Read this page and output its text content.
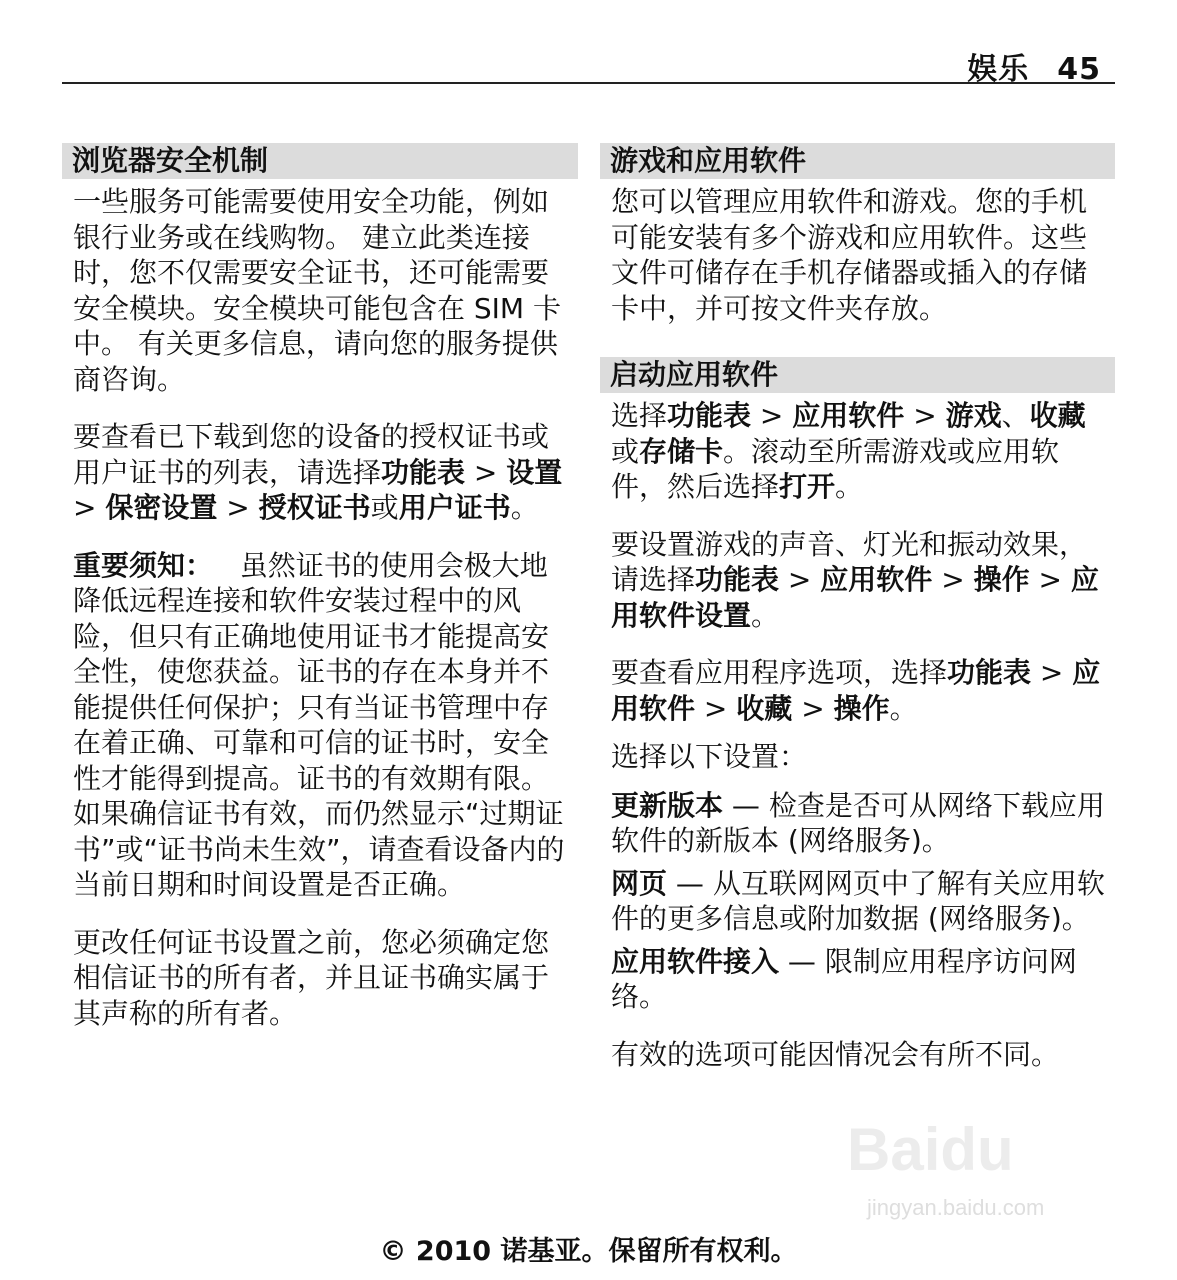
娱乐 45
浏览器安全机制

一些服务可能需要使用安全功能，例如银行业务或在线购物。 建立此类连接时，您不仅需要安全证书，还可能需要安全模块。安全模块可能包含在 SIM 卡中。 有关更多信息，请向您的服务提供商咨询。

要查看已下载到您的设备的授权证书或用户证书的列表，请选择功能表 > 设置 > 保密设置 > 授权证书或用户证书。

重要须知： 虽然证书的使用会极大地降低远程连接和软件安装过程中的风险，但只有正确地使用证书才能提高安全性，使您获益。证书的存在本身并不能提供任何保护；只有当证书管理中存在着正确、可靠和可信的证书时，安全性才能得到提高。证书的有效期有限。如果确信证书有效，而仍然显示“过期证书”或“证书尚未生效”，请查看设备内的当前日期和时间设置是否正确。

更改任何证书设置之前，您必须确定您相信证书的所有者，并且证书确实属于其声称的所有者。

游戏和应用软件

您可以管理应用软件和游戏。您的手机可能安装有多个游戏和应用软件。这些文件可储存在手机存储器或插入的存储卡中，并可按文件夹存放。

启动应用软件

选择功能表 > 应用软件 > 游戏、收藏或存储卡。滚动至所需游戏或应用软件，然后选择打开。

要设置游戏的声音、灯光和振动效果，请选择功能表 > 应用软件 > 操作 > 应用软件设置。

要查看应用程序选项，选择功能表 > 应用软件 > 收藏 > 操作。

选择以下设置：

更新版本 — 检查是否可从网络下载应用软件的新版本 (网络服务)。

网页 — 从互联网网页中了解有关应用软件的更多信息或附加数据 (网络服务)。

应用软件接入 — 限制应用程序访问网络。

有效的选项可能因情况会有所不同。

Baidu
jingyan.baidu.com
© 2010 诺基亚。保留所有权利。
